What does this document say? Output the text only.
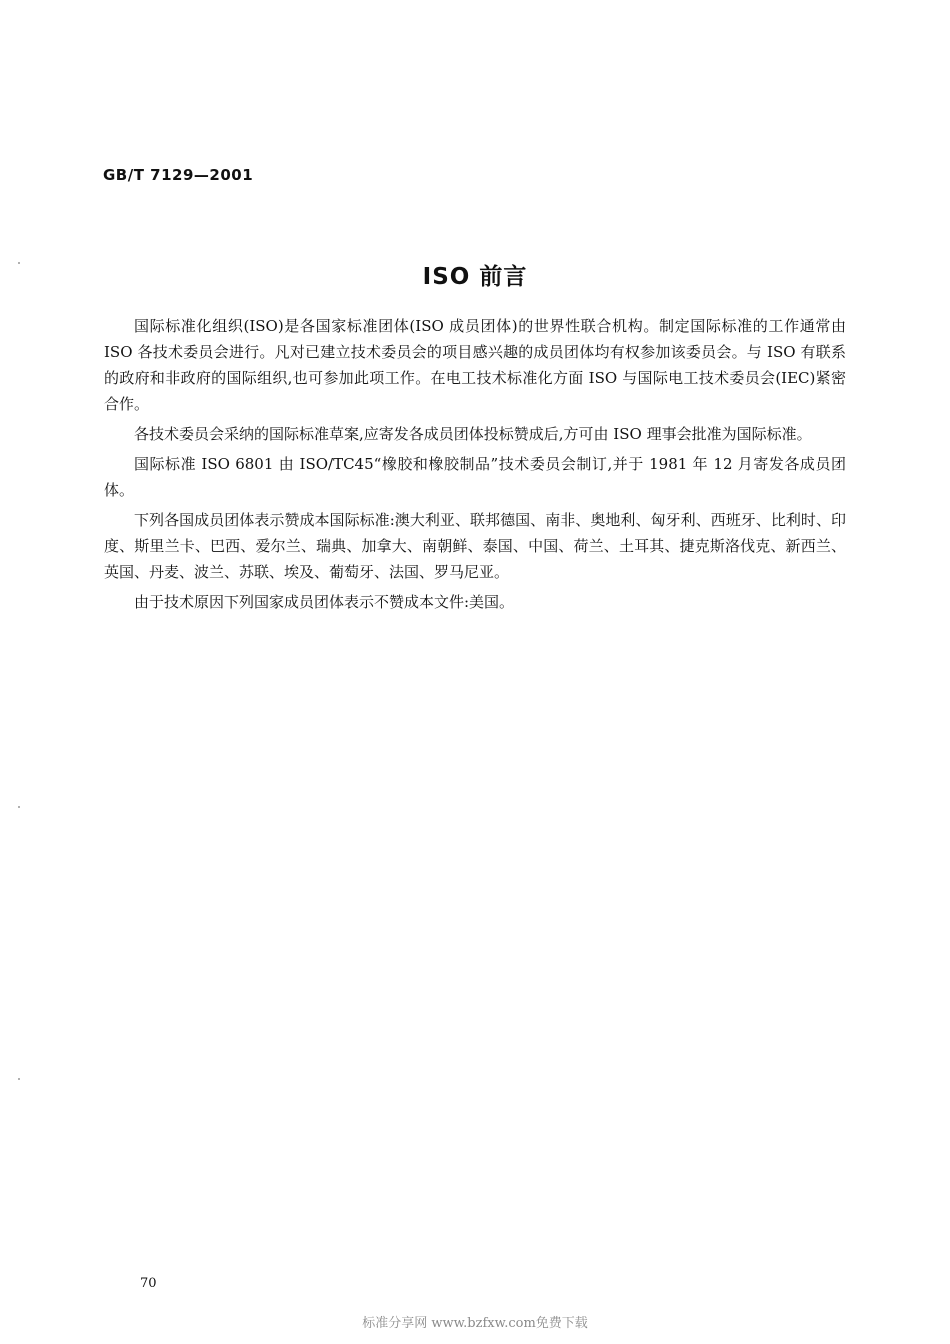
GB/T 7129—2001
ISO 前言

国际标准化组织(ISO)是各国家标准团体(ISO 成员团体)的世界性联合机构。制定国际标准的工作通常由 ISO 各技术委员会进行。凡对已建立技术委员会的项目感兴趣的成员团体均有权参加该委员会。与 ISO 有联系的政府和非政府的国际组织,也可参加此项工作。在电工技术标准化方面 ISO 与国际电工技术委员会(IEC)紧密合作。

各技术委员会采纳的国际标准草案,应寄发各成员团体投标赞成后,方可由 ISO 理事会批准为国际标准。

国际标准 ISO 6801 由 ISO/TC45“橡胶和橡胶制品”技术委员会制订,并于 1981 年 12 月寄发各成员团体。

下列各国成员团体表示赞成本国际标准:澳大利亚、联邦德国、南非、奥地利、匈牙利、西班牙、比利时、印度、斯里兰卡、巴西、爱尔兰、瑞典、加拿大、南朝鲜、泰国、中国、荷兰、土耳其、捷克斯洛伐克、新西兰、英国、丹麦、波兰、苏联、埃及、葡萄牙、法国、罗马尼亚。

由于技术原因下列国家成员团体表示不赞成本文件:美国。

70
标准分享网 www.bzfxw.com免费下载
